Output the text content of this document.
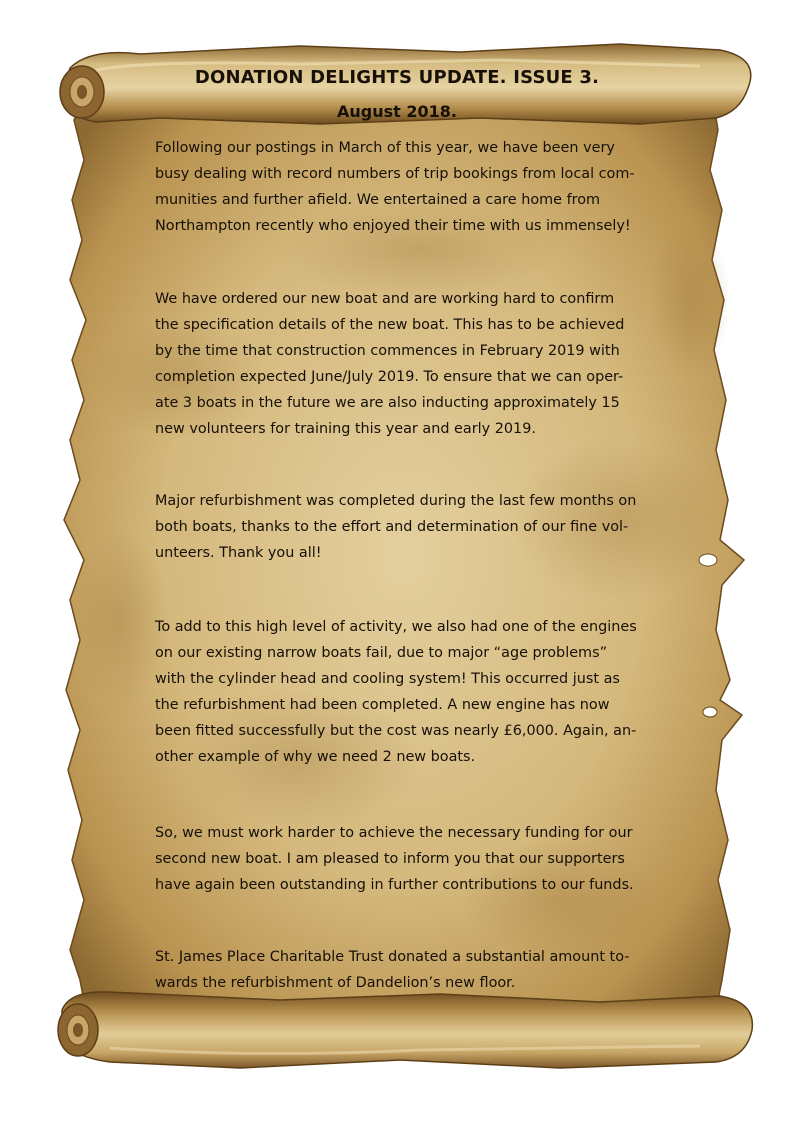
DONATION DELIGHTS UPDATE. ISSUE 3.
August 2018.

Following our postings in March of this year, we have been very
busy dealing with record numbers of trip bookings from local com-
munities and further afield. We entertained a care home from
Northampton recently who enjoyed their time with us immensely!

We have ordered our new boat and are working hard to confirm
the specification details of the new boat. This has to be achieved
by the time that construction commences in February 2019 with
completion expected June/July 2019. To ensure that we can oper-
ate 3 boats in the future we are also inducting approximately 15
new volunteers for training this year and early 2019.

Major refurbishment was completed during the last few months on
both boats, thanks to the effort and determination of our fine vol-
unteers. Thank you all!

To add to this high level of activity, we also had one of the engines
on our existing narrow boats fail, due to major “age problems”
with the cylinder head and cooling system! This occurred just as
the refurbishment had been completed. A new engine has now
been fitted successfully but the cost was nearly £6,000. Again, an-
other example of why we need 2 new boats.

So, we must work harder to achieve the necessary funding for our
second new boat. I am pleased to inform you that our supporters
have again been outstanding in further contributions to our funds.

St. James Place Charitable Trust donated a substantial amount to-
wards the refurbishment of Dandelion’s new floor.
